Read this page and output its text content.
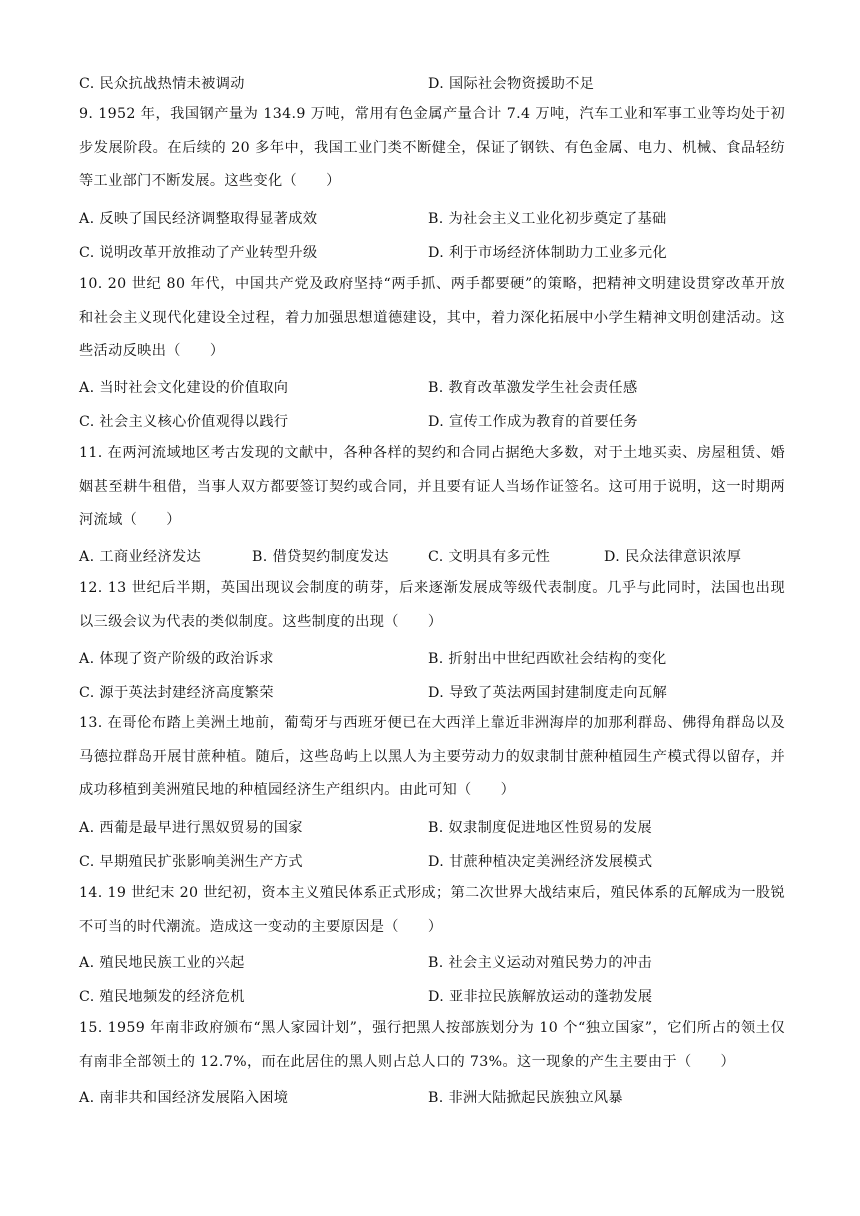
C. 民众抗战热情未被调动	D. 国际社会物资援助不足
9. 1952 年，我国钢产量为 134.9 万吨，常用有色金属产量合计 7.4 万吨，汽车工业和军事工业等均处于初步发展阶段。在后续的 20 多年中，我国工业门类不断健全，保证了钢铁、有色金属、电力、机械、食品轻纺等工业部门不断发展。这些变化（　　）
A. 反映了国民经济调整取得显著成效	B. 为社会主义工业化初步奠定了基础
C. 说明改革开放推动了产业转型升级	D. 利于市场经济体制助力工业多元化
10. 20 世纪 80 年代，中国共产党及政府坚持“两手抓、两手都要硬”的策略，把精神文明建设贯穿改革开放和社会主义现代化建设全过程，着力加强思想道德建设，其中，着力深化拓展中小学生精神文明创建活动。这些活动反映出（　　）
A. 当时社会文化建设的价值取向	B. 教育改革激发学生社会责任感
C. 社会主义核心价值观得以践行	D. 宣传工作成为教育的首要任务
11. 在两河流域地区考古发现的文献中，各种各样的契约和合同占据绝大多数，对于土地买卖、房屋租赁、婚姻甚至耕牛租借，当事人双方都要签订契约或合同，并且要有证人当场作证签名。这可用于说明，这一时期两河流域（　　）
A. 工商业经济发达	B. 借贷契约制度发达	C. 文明具有多元性	D. 民众法律意识浓厚
12. 13 世纪后半期，英国出现议会制度的萌芽，后来逐渐发展成等级代表制度。几乎与此同时，法国也出现以三级会议为代表的类似制度。这些制度的出现（　　）
A. 体现了资产阶级的政治诉求	B. 折射出中世纪西欧社会结构的变化
C. 源于英法封建经济高度繁荣	D. 导致了英法两国封建制度走向瓦解
13. 在哥伦布踏上美洲土地前，葡萄牙与西班牙便已在大西洋上靠近非洲海岸的加那利群岛、佛得角群岛以及马德拉群岛开展甘蔗种植。随后，这些岛屿上以黑人为主要劳动力的奴隶制甘蔗种植园生产模式得以留存，并成功移植到美洲殖民地的种植园经济生产组织内。由此可知（　　）
A. 西葡是最早进行黑奴贸易的国家	B. 奴隶制度促进地区性贸易的发展
C. 早期殖民扩张影响美洲生产方式	D. 甘蔗种植决定美洲经济发展模式
14. 19 世纪末 20 世纪初，资本主义殖民体系正式形成；第二次世界大战结束后，殖民体系的瓦解成为一股锐不可当的时代潮流。造成这一变动的主要原因是（　　）
A. 殖民地民族工业的兴起	B. 社会主义运动对殖民势力的冲击
C. 殖民地频发的经济危机	D. 亚非拉民族解放运动的蓬勃发展
15. 1959 年南非政府颁布“黑人家园计划”，强行把黑人按部族划分为 10 个“独立国家”，它们所占的领土仅有南非全部领土的 12.7%，而在此居住的黑人则占总人口的 73%。这一现象的产生主要由于（　　）
A. 南非共和国经济发展陷入困境	B. 非洲大陆掀起民族独立风暴
